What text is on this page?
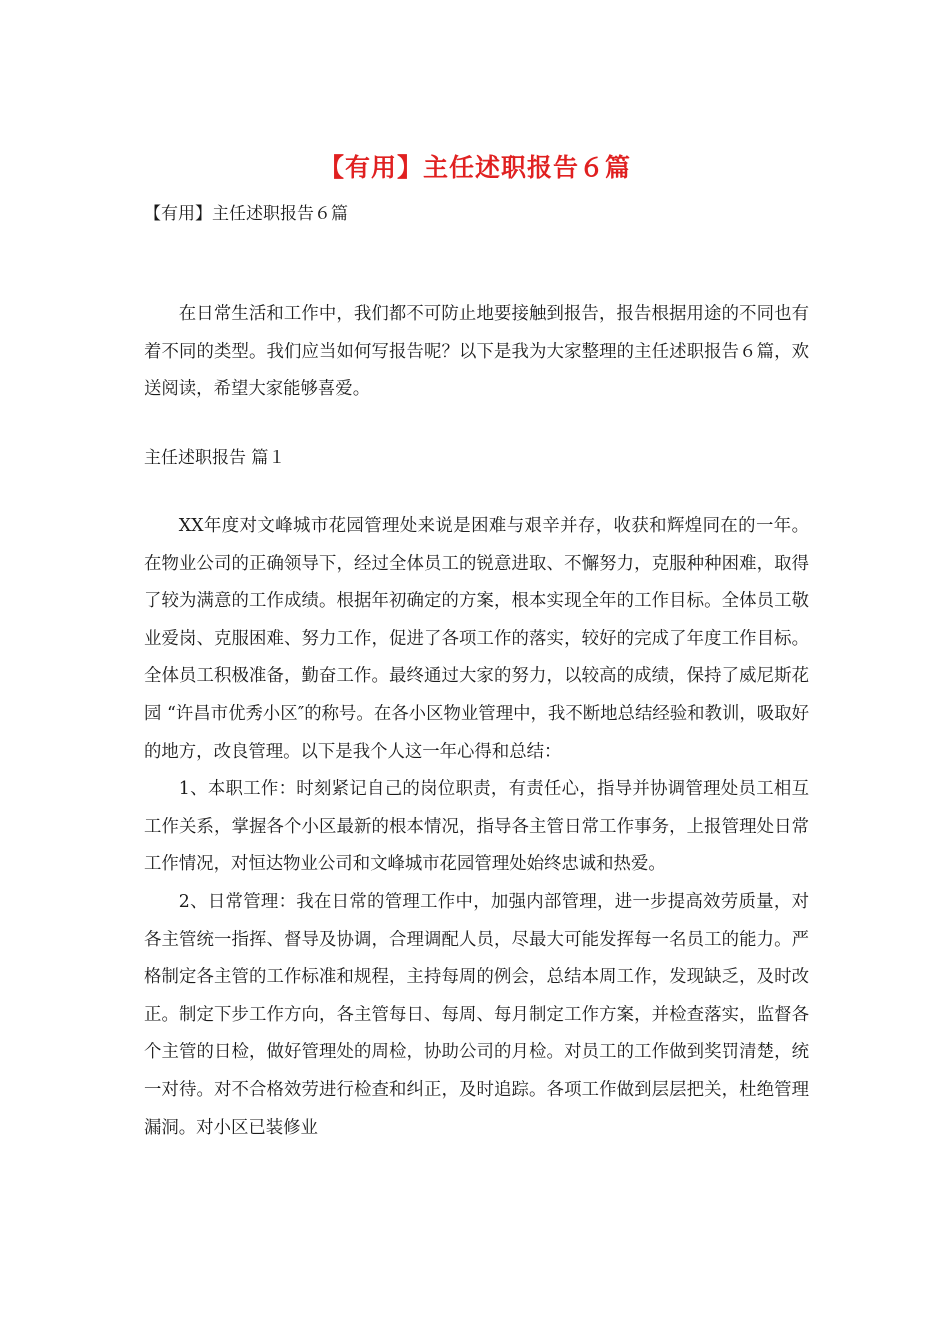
【有用】主任述职报告６篇
【有用】主任述职报告６篇

在日常生活和工作中，我们都不可防止地要接触到报告，报告根据用途的不同也有着不同的类型。我们应当如何写报告呢？以下是我为大家整理的主任述职报告６篇，欢送阅读，希望大家能够喜爱。

主任述职报告 篇１

XX年度对文峰城市花园管理处来说是困难与艰辛并存，收获和辉煌同在的一年。在物业公司的正确领导下，经过全体员工的锐意进取、不懈努力，克服种种困难，取得了较为满意的工作成绩。根据年初确定的方案，根本实现全年的工作目标。全体员工敬业爱岗、克服困难、努力工作，促进了各项工作的落实，较好的完成了年度工作目标。全体员工积极准备，勤奋工作。最终通过大家的努力，以较高的成绩，保持了威尼斯花园 “许昌市优秀小区″的称号。在各小区物业管理中，我不断地总结经验和教训，吸取好的地方，改良管理。以下是我个人这一年心得和总结：

1、本职工作：时刻紧记自己的岗位职责，有责任心，指导并协调管理处员工相互工作关系，掌握各个小区最新的根本情况，指导各主管日常工作事务，上报管理处日常工作情况，对恒达物业公司和文峰城市花园管理处始终忠诚和热爱。

2、日常管理：我在日常的管理工作中，加强内部管理，进一步提高效劳质量，对各主管统一指挥、督导及协调，合理调配人员，尽最大可能发挥每一名员工的能力。严格制定各主管的工作标准和规程，主持每周的例会，总结本周工作，发现缺乏，及时改正。制定下步工作方向，各主管每日、每周、每月制定工作方案，并检查落实，监督各个主管的日检，做好管理处的周检，协助公司的月检。对员工的工作做到奖罚清楚，统一对待。对不合格效劳进行检查和纠正，及时追踪。各项工作做到层层把关，杜绝管理漏洞。对小区已装修业
